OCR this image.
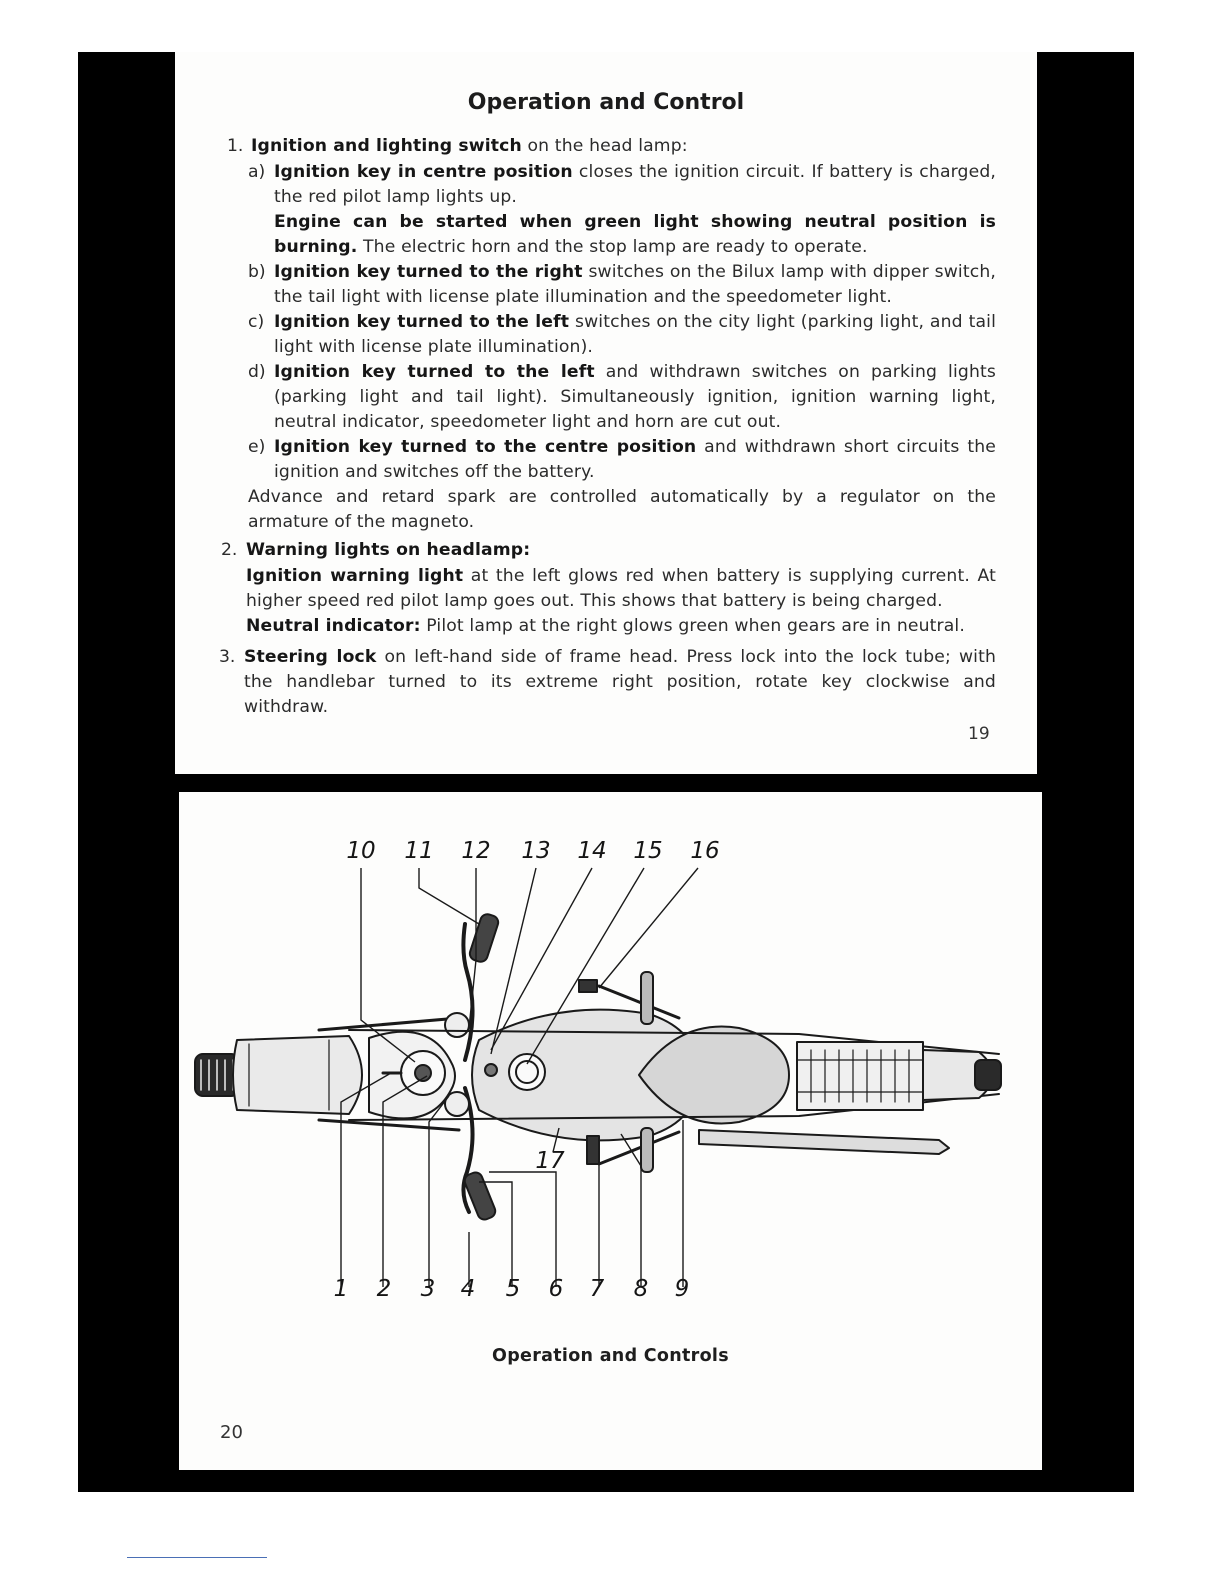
Operation and Control
1. Ignition and lighting switch on the head lamp:

a) Ignition key in centre position closes the ignition circuit. If battery is charged, the red pilot lamp lights up.

Engine can be started when green light showing neutral position is burning. The electric horn and the stop lamp are ready to operate.

b) Ignition key turned to the right switches on the Bilux lamp with dipper switch, the tail light with license plate illumination and the speedometer light.

c) Ignition key turned to the left switches on the city light (parking light, and tail light with license plate illumination).

d) Ignition key turned to the left and withdrawn switches on parking lights (parking light and tail light). Simultaneously ignition, ignition warning light, neutral indicator, speedometer light and horn are cut out.

e) Ignition key turned to the centre position and withdrawn short circuits the ignition and switches off the battery.

Advance and retard spark are controlled automatically by a regulator on the armature of the magneto.

2. Warning lights on headlamp:

Ignition warning light at the left glows red when battery is supplying current. At higher speed red pilot lamp goes out. This shows that battery is being charged.
Neutral indicator: Pilot lamp at the right glows green when gears are in neutral.

3. Steering lock on left-hand side of frame head. Press lock into the lock tube; with the handlebar turned to its extreme right position, rotate key clockwise and withdraw.

19
10 11 12 13 14 15 16
17
1 2 3 4 5 6 7 8 9
Operation and Controls
20
